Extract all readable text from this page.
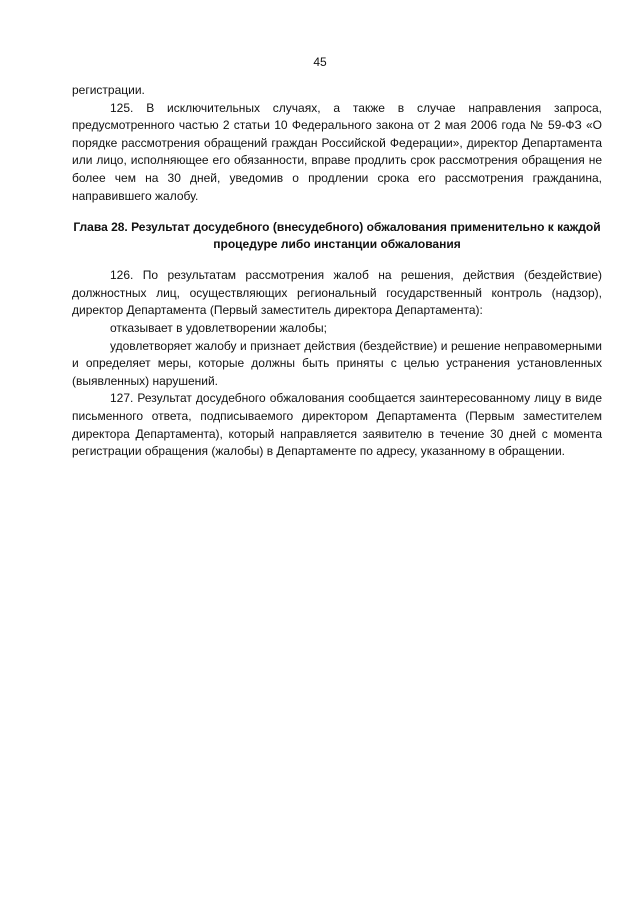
45

регистрации.

125. В исключительных случаях, а также в случае направления запроса, предусмотренного частью 2 статьи 10 Федерального закона от 2 мая 2006 года № 59-ФЗ «О порядке рассмотрения обращений граждан Российской Федерации», директор Департамента или лицо, исполняющее его обязанности, вправе продлить срок рассмотрения обращения не более чем на 30 дней, уведомив о продлении срока его рассмотрения гражданина, направившего жалобу.

Глава 28. Результат досудебного (внесудебного) обжалования применительно к каждой процедуре либо инстанции обжалования

126. По результатам рассмотрения жалоб на решения, действия (бездействие) должностных лиц, осуществляющих региональный государственный контроль (надзор), директор Департамента (Первый заместитель директора Департамента):

отказывает в удовлетворении жалобы;

удовлетворяет жалобу и признает действия (бездействие) и решение неправомерными и определяет меры, которые должны быть приняты с целью устранения установленных (выявленных) нарушений.

127. Результат досудебного обжалования сообщается заинтересованному лицу в виде письменного ответа, подписываемого директором Департамента (Первым заместителем директора Департамента), который направляется заявителю в течение 30 дней с момента регистрации обращения (жалобы) в Департаменте по адресу, указанному в обращении.
